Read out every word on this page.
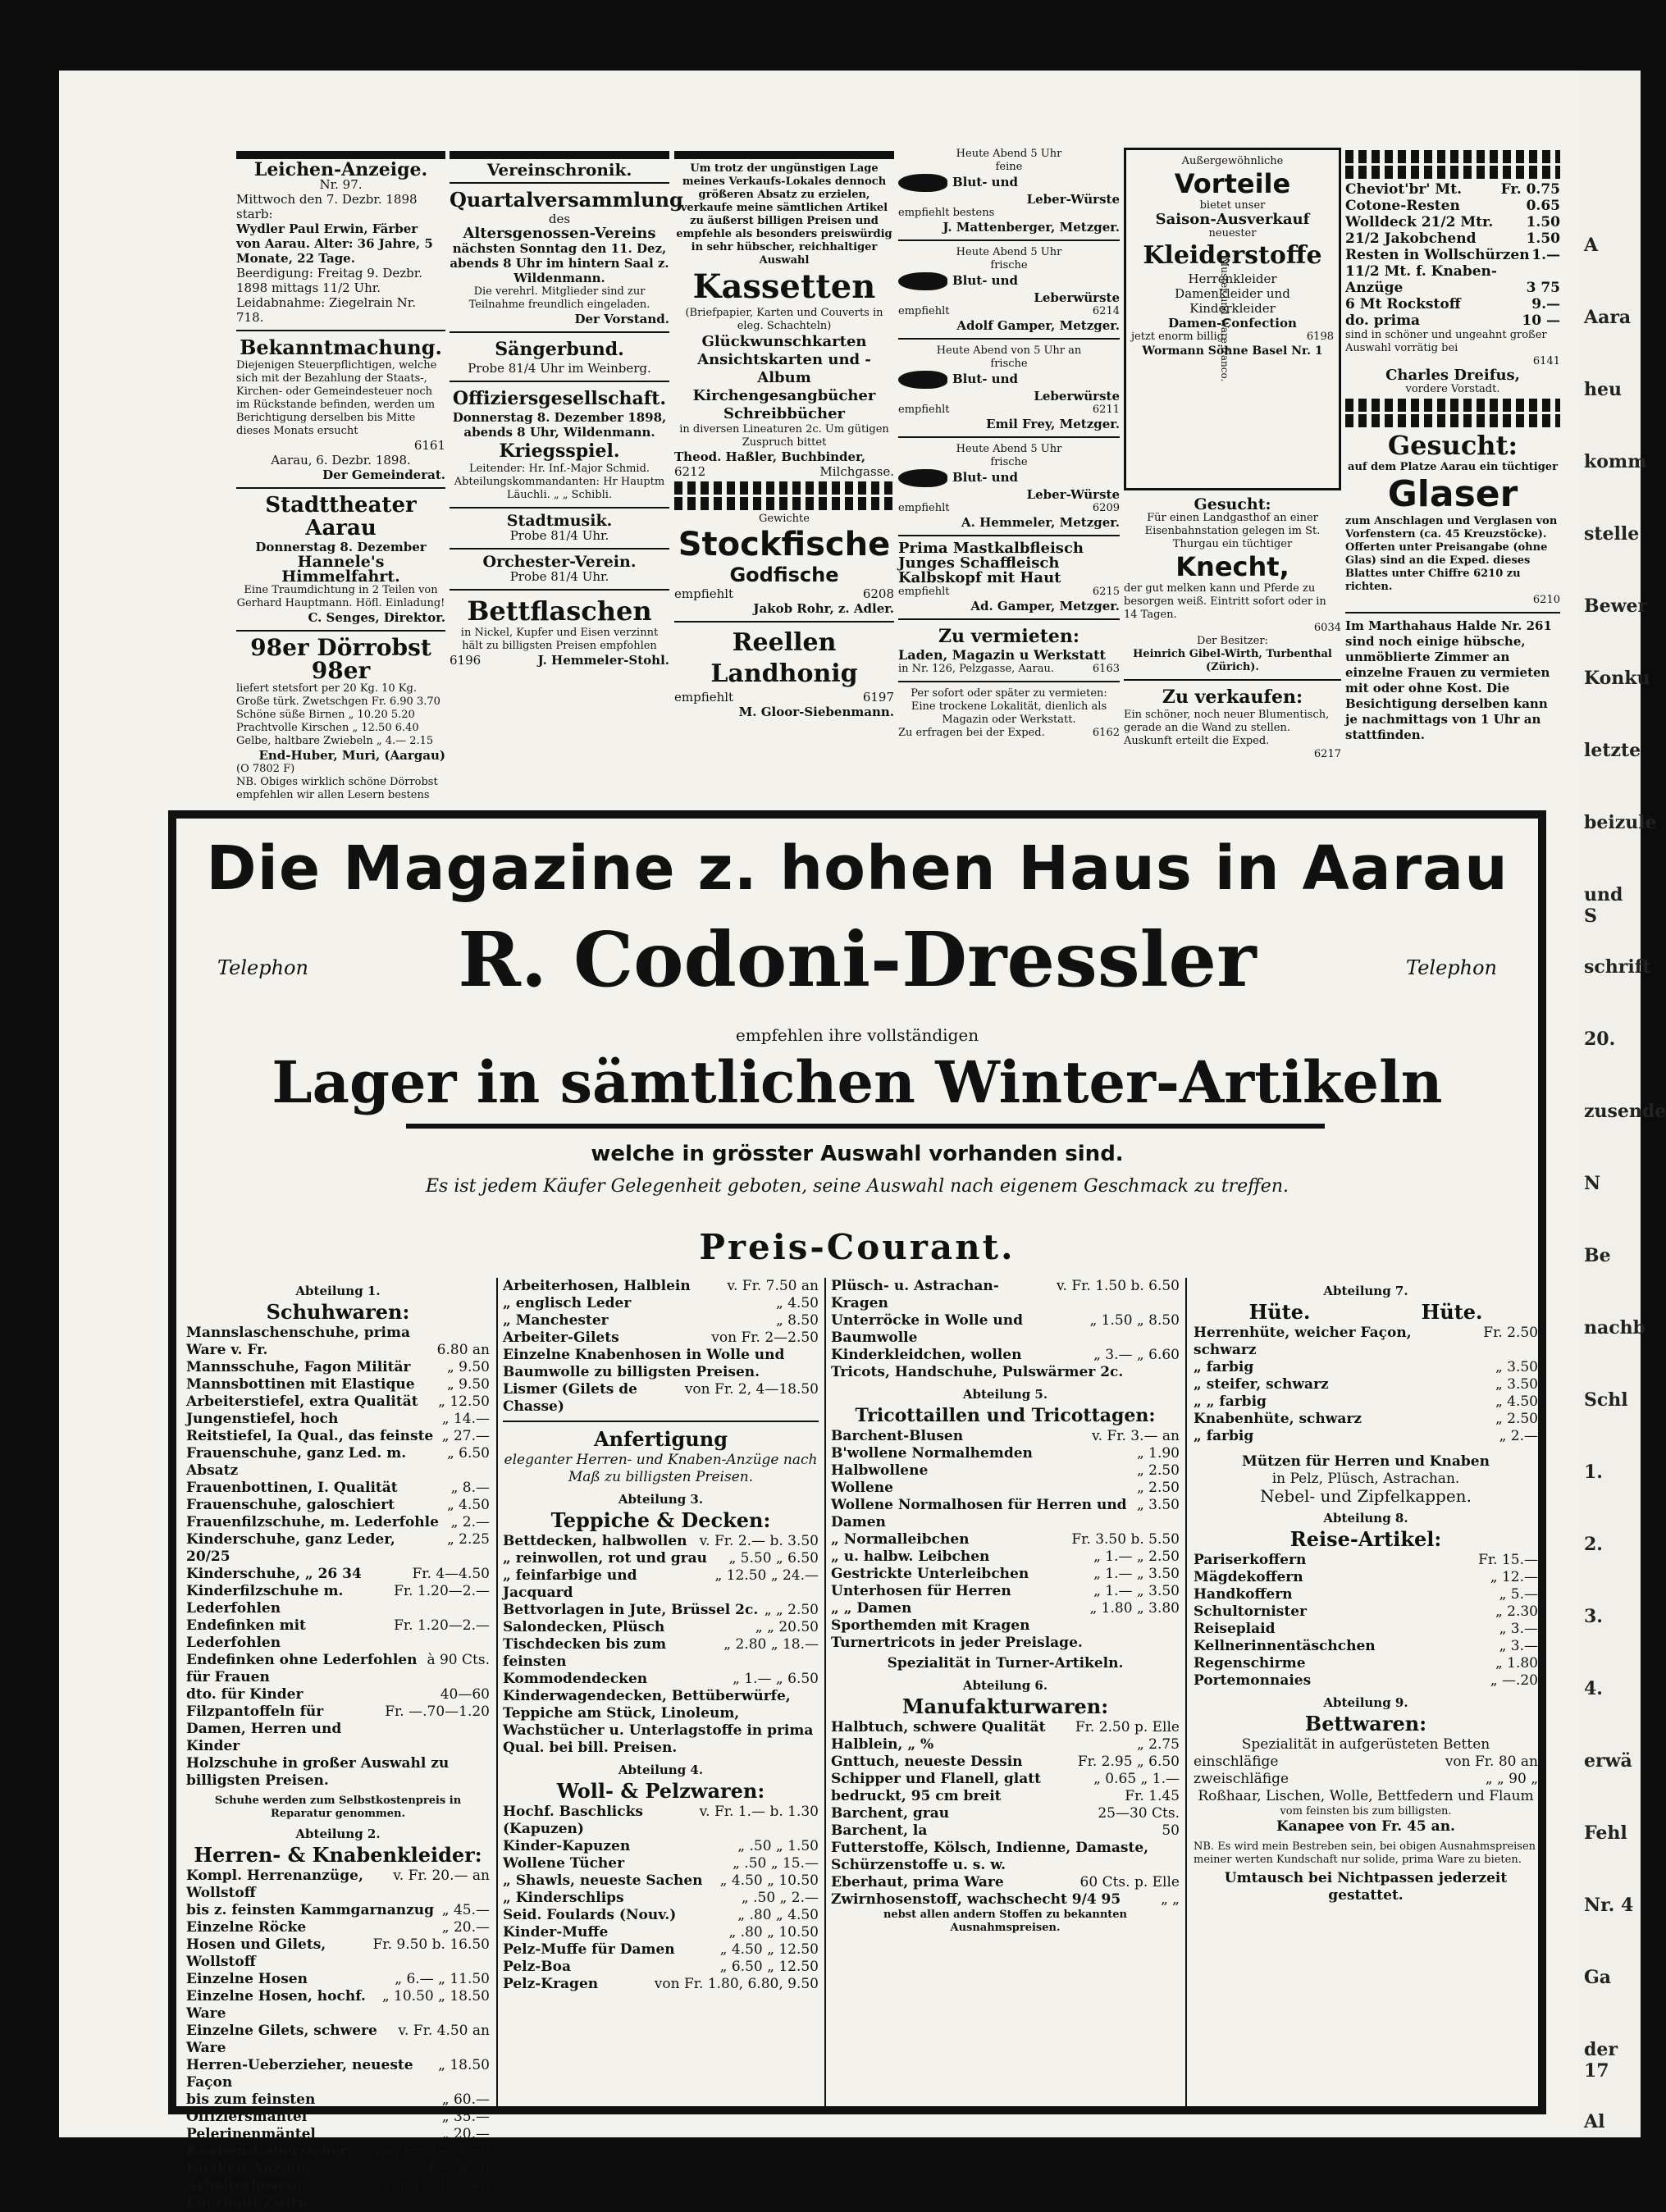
A
Aara
heu
komm
stelle
Bewer
Konku
letzte
beizule
und S
schrift
20.
zusende
N
Be
nachb
Schl
1.
2.
3.
4.
erwä
Fehl
Nr. 4
Ga
der 17
Al
Leichen-Anzeige.
Nr. 97.
Mittwoch den 7. Dezbr. 1898 starb:
Wydler Paul Erwin, Färber von Aarau. Alter: 36 Jahre, 5 Monate, 22 Tage.
Beerdigung: Freitag 9. Dezbr. 1898 mittags 11/2 Uhr.
Leidabnahme: Ziegelrain Nr. 718.
Bekanntmachung.
Diejenigen Steuerpflichtigen, welche sich mit der Bezahlung der Staats-, Kirchen- oder Gemeindesteuer noch im Rückstande befinden, werden um Berichtigung derselben bis Mitte dieses Monats ersucht
6161
Aarau, 6. Dezbr. 1898.
Der Gemeinderat.
Stadttheater Aarau
Donnerstag 8. Dezember
Hannele's Himmelfahrt.
Eine Traumdichtung in 2 Teilen von Gerhard Hauptmann. Höfl. Einladung!
C. Senges, Direktor.
98er Dörrobst 98er
liefert stetsfort per 20 Kg. 10 Kg.
Große türk. Zwetschgen Fr. 6.90 3.70
Schöne süße Birnen „ 10.20 5.20
Prachtvolle Kirschen „ 12.50 6.40
Gelbe, haltbare Zwiebeln „ 4.— 2.15
End-Huber, Muri, (Aargau)
(O 7802 F)
NB. Obiges wirklich schöne Dörrobst empfehlen wir allen Lesern bestens
Vereinschronik.
Quartalversammlung
des
Altersgenossen-Vereins
nächsten Sonntag den 11. Dez, abends 8 Uhr im hintern Saal z. Wildenmann.
Die verehrl. Mitglieder sind zur Teilnahme freundlich eingeladen.
Der Vorstand.
Sängerbund.
Probe 81/4 Uhr im Weinberg.
Offiziersgesellschaft.
Donnerstag 8. Dezember 1898, abends 8 Uhr, Wildenmann.
Kriegsspiel.
Leitender: Hr. Inf.-Major Schmid. Abteilungskommandanten: Hr Hauptm Läuchli. „ „ Schibli.
Stadtmusik.
Probe 81/4 Uhr.
Orchester-Verein.
Probe 81/4 Uhr.
Bettflaschen
in Nickel, Kupfer und Eisen verzinnt hält zu billigsten Preisen empfohlen
6196	J. Hemmeler-Stohl.
Um trotz der ungünstigen Lage meines Verkaufs-Lokales dennoch größeren Absatz zu erzielen, verkaufe meine sämtlichen Artikel zu äußerst billigen Preisen und empfehle als besonders preiswürdig in sehr hübscher, reichhaltiger Auswahl
Kassetten
(Briefpapier, Karten und Couverts in eleg. Schachteln)
Glückwunschkarten
Ansichtskarten und -Album
Kirchengesangbücher
Schreibbücher
in diversen Lineaturen 2c. Um gütigen Zuspruch bittet
Theod. Haßler, Buchbinder,
6212	Milchgasse.
Gewichte
Stockfische
Godfische
empfiehlt	6208
Jakob Rohr, z. Adler.
Reellen Landhonig
empfiehlt	6197
M. Gloor-Siebenmann.
Heute Abend 5 Uhr
feine
Blut- und
Leber-Würste
empfiehlt bestens
J. Mattenberger, Metzger.
Heute Abend 5 Uhr
frische
Blut- und
Leberwürste
empfiehlt	6214
Adolf Gamper, Metzger.
Heute Abend von 5 Uhr an
frische
Blut- und
Leberwürste
empfiehlt	6211
Emil Frey, Metzger.
Heute Abend 5 Uhr
frische
Blut- und
Leber-Würste
empfiehlt	6209
A. Hemmeler, Metzger.
Prima Mastkalbfleisch
Junges Schaffleisch
Kalbskopf mit Haut
empfiehlt	6215
Ad. Gamper, Metzger.
Zu vermieten:
Laden, Magazin u Werkstatt
in Nr. 126, Pelzgasse, Aarau.	6163
Per sofort oder später zu vermieten: Eine trockene Lokalität, dienlich als Magazin oder Werkstatt.
Zu erfragen bei der Exped.	6162
Außergewöhnliche
Vorteile
bietet unser
Saison-Ausverkauf
neuester
Kleiderstoffe
Herrenkleider
Damenkleider und
Kinderkleider
Damen-Confection
jetzt enorm billig.	6198
Wormann Söhne Basel Nr. 1
Muster und Ware franco.
Gesucht:
Für einen Landgasthof an einer Eisenbahnstation gelegen im St. Thurgau ein tüchtiger
Knecht,
der gut melken kann und Pferde zu besorgen weiß. Eintritt sofort oder in 14 Tagen.
6034
Der Besitzer:
Heinrich Gibel-Wirth, Turbenthal (Zürich).
Zu verkaufen:
Ein schöner, noch neuer Blumentisch, gerade an die Wand zu stellen. Auskunft erteilt die Exped.
6217
Cheviot'br' Mt.	Fr. 0.75
Cotone-Resten	0.65
Wolldeck 21/2 Mtr. 1.50
21/2 Jakobchend	1.50
Resten in Wollschürzen 1.—
11/2 Mt. f. Knaben-
Anzüge	3 75
6 Mt Rockstoff	9.—
do. prima	10 —
sind in schöner und ungeahnt großer Auswahl vorrätig bei
6141
Charles Dreifus,
vordere Vorstadt.
Gesucht:
auf dem Platze Aarau ein tüchtiger
Glaser
zum Anschlagen und Verglasen von Vorfenstern (ca. 45 Kreuzstöcke).
Offerten unter Preisangabe (ohne Glas) sind an die Exped. dieses Blattes unter Chiffre 6210 zu richten.
6210
Im Marthahaus Halde Nr. 261 sind noch einige hübsche, unmöblierte Zimmer an einzelne Frauen zu vermieten mit oder ohne Kost. Die Besichtigung derselben kann je nachmittags von 1 Uhr an stattfinden.
Die Magazine z. hohen Haus in Aarau
Telephon	Telephon
R. Codoni-Dressler
empfehlen ihre vollständigen
Lager in sämtlichen Winter-Artikeln
welche in grösster Auswahl vorhanden sind.
Es ist jedem Käufer Gelegenheit geboten, seine Auswahl nach eigenem Geschmack zu treffen.
Preis-Courant.
Abteilung 1.
Schuhwaren:
Mannslaschenschuhe, prima
Ware v. Fr.	6.80 an
Mannsschuhe, Fagon Militär	„ 9.50
Mannsbottinen mit Elastique „ 9.50
Arbeiterstiefel, extra Qualität „ 12.50
Jungenstiefel, hoch	„ 14.—
Reitstiefel, Ia Qual., das feinste „ 27.—
Frauenschuhe, ganz Led. m. Absatz
„ 6.50
Frauenbottinen, I. Qualität	„ 8.—
Frauenschuhe, galoschiert	„ 4.50
Frauenfilzschuhe, m. Lederfohle „ 2.—
Kinderschuhe, ganz Leder, 20/25
„ 2.25
Kinderschuhe, „ 26 34	Fr. 4—4.50
Kinderfilzschuhe m. Lederfohlen
Fr. 1.20—2.—
Endefinken mit Lederfohlen
Fr. 1.20—2.—
Endefinken ohne Lederfohlen für Frauen
à 90 Cts.
dto. für Kinder	40—60
Filzpantoffeln für Damen, Herren und Kinder
Fr. —.70—1.20
Holzschuhe in großer Auswahl zu billigsten Preisen.
Schuhe werden zum Selbstkostenpreis in Reparatur genommen.
Abteilung 2.
Herren- & Knabenkleider:
Kompl. Herrenanzüge, Wollstoff
v. Fr. 20.— an
bis z. feinsten Kammgarnanzug „ 45.—
Einzelne Röcke	„ 20.—
Hosen und Gilets, Wollstoff
Fr. 9.50 b. 16.50
Einzelne Hosen	„ 6.— „ 11.50
Einzelne Hosen, hochf. Ware
„ 10.50 „ 18.50
Einzelne Gilets, schwere Ware
v. Fr. 4.50 an
Herren-Ueberzieher, neueste Façon
„ 18.50
bis zum feinsten	„ 60.—
Offiziersmäntel	„ 35.—
Pelerinenmäntel	„ 20.—
Knaben-Ueberzieher von Fr. 3—18.50
Knaben-Anzüge	„ 4—16.50
Arbeiterhosen, Eberhaut Zwirn
von Fr. 3.50 an
Arbeiterhosen, Halblein	v. Fr. 7.50 an
„ englisch Leder	„ 4.50
„ Manchester	„ 8.50
Arbeiter-Gilets	von Fr. 2—2.50
Einzelne Knabenhosen in Wolle und Baumwolle zu billigsten Preisen.
Lismer (Gilets de Chasse)
von Fr. 2, 4—18.50
Anfertigung
eleganter Herren- und Knaben-Anzüge nach Maß zu billigsten Preisen.
Abteilung 3.
Teppiche & Decken:
Bettdecken, halbwollen v. Fr. 2.— b. 3.50
„ reinwollen, rot und grau „ 5.50 „ 6.50
„ feinfarbige und Jacquard
„ 12.50 „ 24.—
Bettvorlagen in Jute, Brüssel 2c. „ „ 2.50
Salondecken, Plüsch	„ „ 20.50
Tischdecken bis zum feinsten
„ 2.80 „ 18.—
Kommodendecken	„ 1.— „ 6.50
Kinderwagendecken, Bettüberwürfe, Teppiche am Stück, Linoleum, Wachstücher u. Unterlagstoffe in prima Qual. bei bill. Preisen.
Abteilung 4.
Woll- & Pelzwaren:
Hochf. Baschlicks (Kapuzen)
v. Fr. 1.— b. 1.30
Kinder-Kapuzen	„ .50 „ 1.50
Wollene Tücher	„ .50 „ 15.—
„ Shawls, neueste Sachen „ 4.50 „ 10.50
„ Kinderschlips	„ .50 „ 2.—
Seid. Foulards (Nouv.)	„ .80 „ 4.50
Kinder-Muffe	„ .80 „ 10.50
Pelz-Muffe für Damen	„ 4.50 „ 12.50
Pelz-Boa	„ 6.50 „ 12.50
Pelz-Kragen	von Fr. 1.80, 6.80, 9.50
Plüsch- u. Astrachan-Kragen
v. Fr. 1.50 b. 6.50
Unterröcke in Wolle und Baumwolle
„ 1.50 „ 8.50
Kinderkleidchen, wollen	„ 3.— „ 6.60
Tricots, Handschuhe, Pulswärmer 2c.
Abteilung 5.
Tricottaillen und Tricottagen:
Barchent-Blusen	v. Fr. 3.— an
B'wollene Normalhemden	„ 1.90
Halbwollene	„ 2.50
Wollene	„ 2.50
Wollene Normalhosen für Herren und Damen
„ 3.50
„ Normalleibchen	Fr. 3.50 b. 5.50
„ u. halbw. Leibchen	„ 1.— „ 2.50
Gestrickte Unterleibchen	„ 1.— „ 3.50
Unterhosen für Herren	„ 1.— „ 3.50
„ „ Damen	„ 1.80 „ 3.80
Sporthemden mit Kragen
Turnertricots in jeder Preislage.
Spezialität in Turner-Artikeln.
Abteilung 6.
Manufakturwaren:
Halbtuch, schwere Qualität Fr. 2.50 p. Elle
Halblein, „ %	„ 2.75
Gnttuch, neueste Dessin	Fr. 2.95 „ 6.50
Schipper und Flanell, glatt	„ 0.65 „ 1.—
bedruckt, 95 cm breit	Fr. 1.45
Barchent, grau	25—30 Cts.
Barchent, la	50
Futterstoffe, Kölsch, Indienne, Damaste,
Schürzenstoffe u. s. w.
Eberhaut, prima Ware	60 Cts. p. Elle
Zwirnhosenstoff, wachschecht 9/4 95	„ „
nebst allen andern Stoffen zu bekannten Ausnahmspreisen.
Abteilung 7.
Hüte.	Hüte.
Herrenhüte, weicher Façon, schwarz
Fr. 2.50
„ farbig	„ 3.50
„ steifer, schwarz	„ 3.50
„ „ farbig	„ 4.50
Knabenhüte, schwarz	„ 2.50
„ farbig	„ 2.—
Mützen für Herren und Knaben
in Pelz, Plüsch, Astrachan.
Nebel- und Zipfelkappen.
Abteilung 8.
Reise-Artikel:
Pariserkoffern	Fr. 15.—
Mägdekoffern	„ 12.—
Handkoffern	„ 5.—
Schultornister	„ 2.30
Reiseplaid	„ 3.—
Kellnerinnentäschchen	„ 3.—
Regenschirme	„ 1.80
Portemonnaies	„ —.20
Abteilung 9.
Bettwaren:
Spezialität in aufgerüsteten Betten
einschläfige	von Fr. 80 an
zweischläfige	„ „ 90 „
Roßhaar, Lischen, Wolle, Bettfedern und Flaum
vom feinsten bis zum billigsten.
Kanapee von Fr. 45 an.
NB. Es wird mein Bestreben sein, bei obigen Ausnahmspreisen meiner werten Kundschaft nur solide, prima Ware zu bieten.
Umtausch bei Nichtpassen jederzeit gestattet.
